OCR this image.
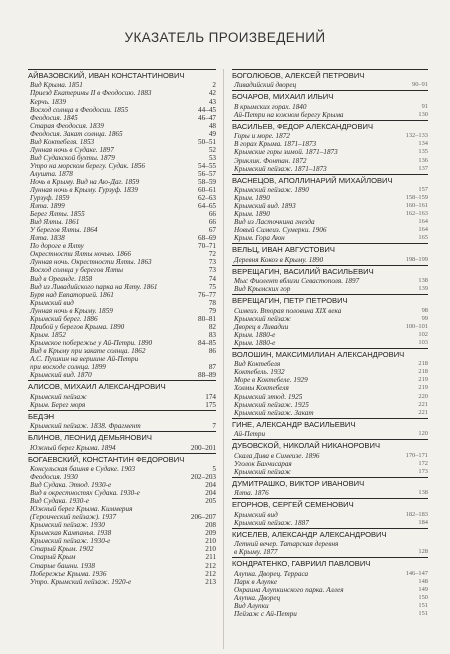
УКАЗАТЕЛЬ ПРОИЗВЕДЕНИЙ
АЙВАЗОВСКИЙ, ИВАН КОНСТАНТИНОВИЧ
Вид Крыма. 1851	2
Приезд Екатерины II в Феодосию. 1883	42
Керчь. 1839	43
Восход солнца в Феодосии. 1855	44–45
Феодосия. 1845	46–47
Старая Феодосия. 1839	48
Феодосия. Закат солнца. 1865	49
Вид Коктебеля. 1853	50–51
Лунная ночь в Судаке. 1897	52
Вид Судакской бухты. 1879	53
Утро на морском берегу. Судак. 1856	54–55
Алушта. 1878	56–57
Ночь в Крыму. Вид на Аю-Даг. 1859	58–59
Лунная ночь в Крыму. Гурзуф. 1839	60–61
Гурзуф. 1859	62–63
Ялта. 1899	64–65
Берег Ялты. 1855	66
Вид Ялты. 1861	66
У берегов Ялты. 1864	67
Ялта. 1838	68–69
По дороге в Ялту	70–71
Окрестности Ялты ночью. 1866	72
Лунная ночь. Окрестности Ялты. 1863	73
Восход солнца у берегов Ялты	73
Вид в Ореанде. 1858	74
Вид из Ливадийского парка на Ялту. 1861	75
Буря над Евпаторией. 1861	76–77
Крымский вид	78
Лунная ночь в Крыму. 1859	79
Крымский берег. 1886	80–81
Прибой у берегов Крыма. 1890	82
Крым. 1852	83
Крымское побережье у Ай-Петри. 1890	84–85
Вид в Крыму при закате солнца. 1862	86
А.С. Пушкин на вершине Ай-Петри
при восходе солнца. 1899	87
Крымский вид. 1870	88–89
АЛИСОВ, МИХАИЛ АЛЕКСАНДРОВИЧ
Крымский пейзаж	174
Крым. Берег моря	175
БЕДЭН
Крымский пейзаж. 1838. Фрагмент	7
БЛИНОВ, ЛЕОНИД ДЕМЬЯНОВИЧ
Южный берег Крыма. 1894	200–201
БОГАЕВСКИЙ, КОНСТАНТИН ФЕДОРОВИЧ
Консульская башня в Судаке. 1903	5
Феодосия. 1930	202–203
Вид Судака. Этюд. 1930-е	204
Вид в окрестностях Судака. 1930-е	204
Вид Судака. 1930-е	205
Южный берег Крыма. Киммерия
(Героический пейзаж). 1937	206–207
Крымский пейзаж. 1930	208
Крымская Кампанья. 1938	209
Крымский пейзаж. 1930-е	210
Старый Крым. 1902	210
Старый Крым	211
Старые башни. 1938	212
Побережье Крыма. 1936	212
Утро. Крымский пейзаж. 1920-е	213
БОГОЛЮБОВ, АЛЕКСЕЙ ПЕТРОВИЧ
Ливадийский дворец	90–91
БОЧАРОВ, МИХАИЛ ИЛЬИЧ
В крымских горах. 1840	91
Ай-Петри на южном берегу Крыма	130
ВАСИЛЬЕВ, ФЕДОР АЛЕКСАНДРОВИЧ
Горы и море. 1872	132–133
В горах Крыма. 1871–1873	134
Крымские горы зимой. 1871–1873	135
Эриклик. Фонтан. 1872	136
Крымский пейзаж. 1871–1873	137
ВАСНЕЦОВ, АПОЛЛИНАРИЙ МИХАЙЛОВИЧ
Крымский пейзаж. 1890	157
Крым. 1890	158–159
Крымский вид. 1893	160–161
Крым. 1890	162–163
Вид из Ласточкина гнезда	164
Новый Симеиз. Сумерки. 1906	164
Крым. Гора Аюн	165
ВЕЛЬЦ, ИВАН АВГУСТОВИЧ
Деревня Кокоз в Крыму. 1890	198–199
ВЕРЕЩАГИН, ВАСИЛИЙ ВАСИЛЬЕВИЧ
Мыс Фиолент вблизи Севастополя. 1897	138
Вид Крымских гор	139
ВЕРЕЩАГИН, ПЕТР ПЕТРОВИЧ
Симеиз. Вторая половина XIX века	98
Крымский пейзаж	99
Дворец в Ливадии	100–101
Крым. 1880-е	102
Крым. 1880-е	103
ВОЛОШИН, МАКСИМИЛИАН АЛЕКСАНДРОВИЧ
Вид Коктебеля	218
Коктебель. 1932	218
Море в Коктебеле. 1929	219
Холмы Коктебеля	219
Крымский этюд. 1925	220
Крымский пейзаж. 1925	221
Крымский пейзаж. Закат	221
ГИНЕ, АЛЕКСАНДР ВАСИЛЬЕВИЧ
Ай-Петри	120
ДУБОВСКОЙ, НИКОЛАЙ НИКАНОРОВИЧ
Скала Дива в Симеизе. 1896	170–171
Уголок Бахчисарая	172
Крымский пейзаж	173
ДУМИТРАШКО, ВИКТОР ИВАНОВИЧ
Ялта. 1876	138
ЕГОРНОВ, СЕРГЕЙ СЕМЕНОВИЧ
Крымский вид	182–183
Крымский пейзаж. 1887	184
КИСЕЛЕВ, АЛЕКСАНДР АЛЕКСАНДРОВИЧ
Летний вечер. Татарская деревня
в Крыму. 1877	128
КОНДРАТЕНКО, ГАВРИИЛ ПАВЛОВИЧ
Алупка. Дворец. Терраса	146–147
Парк в Алупке	148
Окраина Алупкинского парка. Аллея	149
Алупка. Дворец	150
Вид Алупки	151
Пейзаж с Ай-Петри	151
